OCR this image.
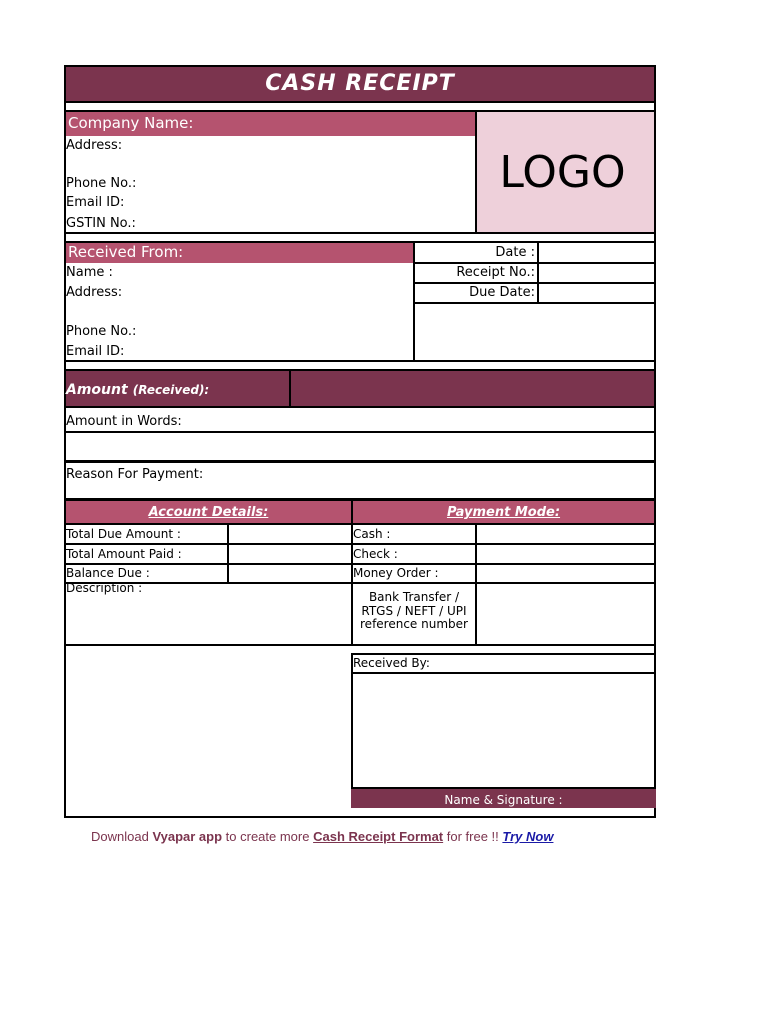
CASH RECEIPT
Company Name:
LOGO
Address:
Phone No.:
Email ID:
GSTIN No.:
Received From:
Name :
Address:
Phone No.:
Email ID:
Date :
Receipt No.:
Due Date:
Amount (Received):
Amount in Words:
Reason For Payment:
Account Details:	Payment Mode:
Total Due Amount :
Total Amount Paid :
Balance Due :
Description :
Cash :
Check :
Money Order :
Bank Transfer / RTGS / NEFT / UPI reference number
Received By:
Name & Signature :
Download Vyapar app to create more Cash Receipt Format for free !! Try Now
